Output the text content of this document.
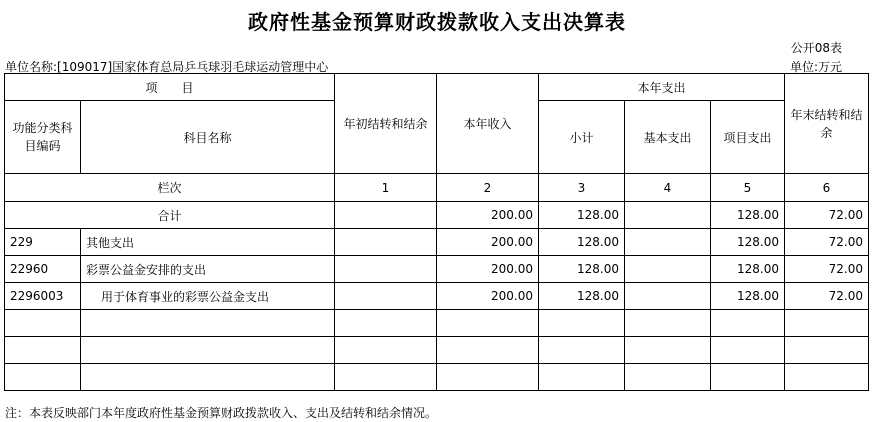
政府性基金预算财政拨款收入支出决算表
公开08表
单位名称:[109017]国家体育总局乒乓球羽毛球运动管理中心	单位:万元
项　　目		年初结转和结余	本年收入	本年支出			年末结转和结余
功能分类科目编码	科目名称			小计	基本支出	项目支出	
栏次		1	2	3	4	5	6
合计			200.00	128.00		128.00	72.00
229	其他支出		200.00	128.00		128.00	72.00
22960	彩票公益金安排的支出		200.00	128.00		128.00	72.00
2296003	用于体育事业的彩票公益金支出		200.00	128.00		128.00	72.00

注：本表反映部门本年度政府性基金预算财政拨款收入、支出及结转和结余情况。
